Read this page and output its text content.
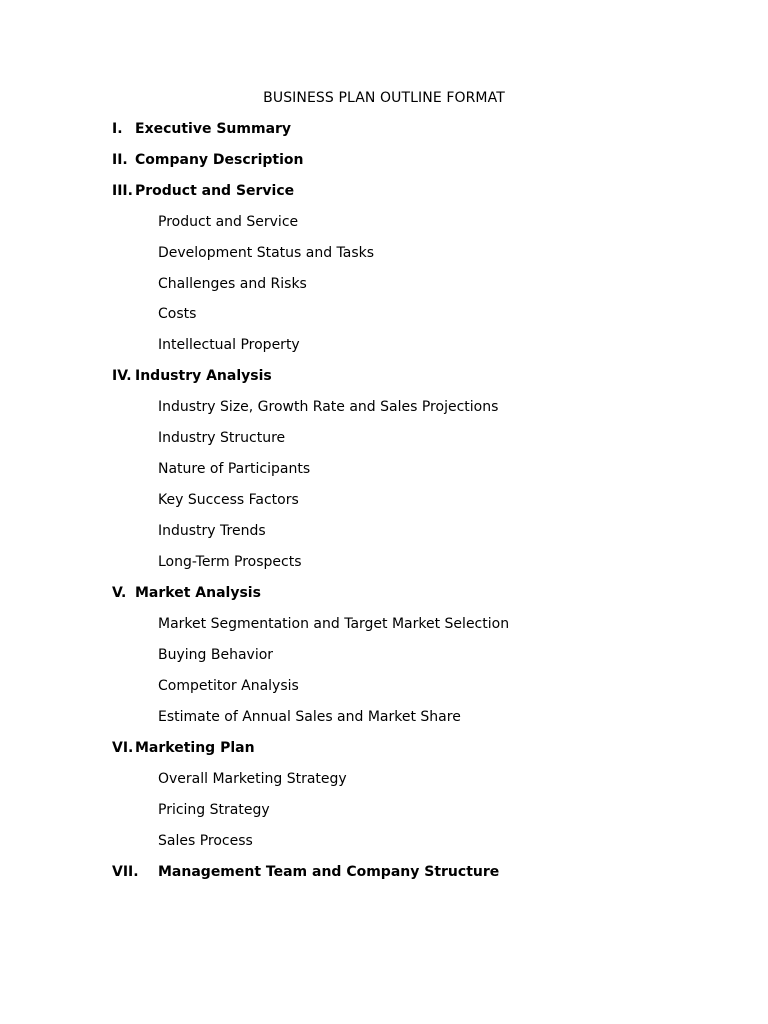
BUSINESS PLAN OUTLINE FORMAT
I. Executive Summary
II. Company Description
III. Product and Service
Product and Service
Development Status and Tasks
Challenges and Risks
Costs
Intellectual Property
IV. Industry Analysis
Industry Size, Growth Rate and Sales Projections
Industry Structure
Nature of Participants
Key Success Factors
Industry Trends
Long-Term Prospects
V. Market Analysis
Market Segmentation and Target Market Selection
Buying Behavior
Competitor Analysis
Estimate of Annual Sales and Market Share
VI. Marketing Plan
Overall Marketing Strategy
Pricing Strategy
Sales Process
VII. Management Team and Company Structure
